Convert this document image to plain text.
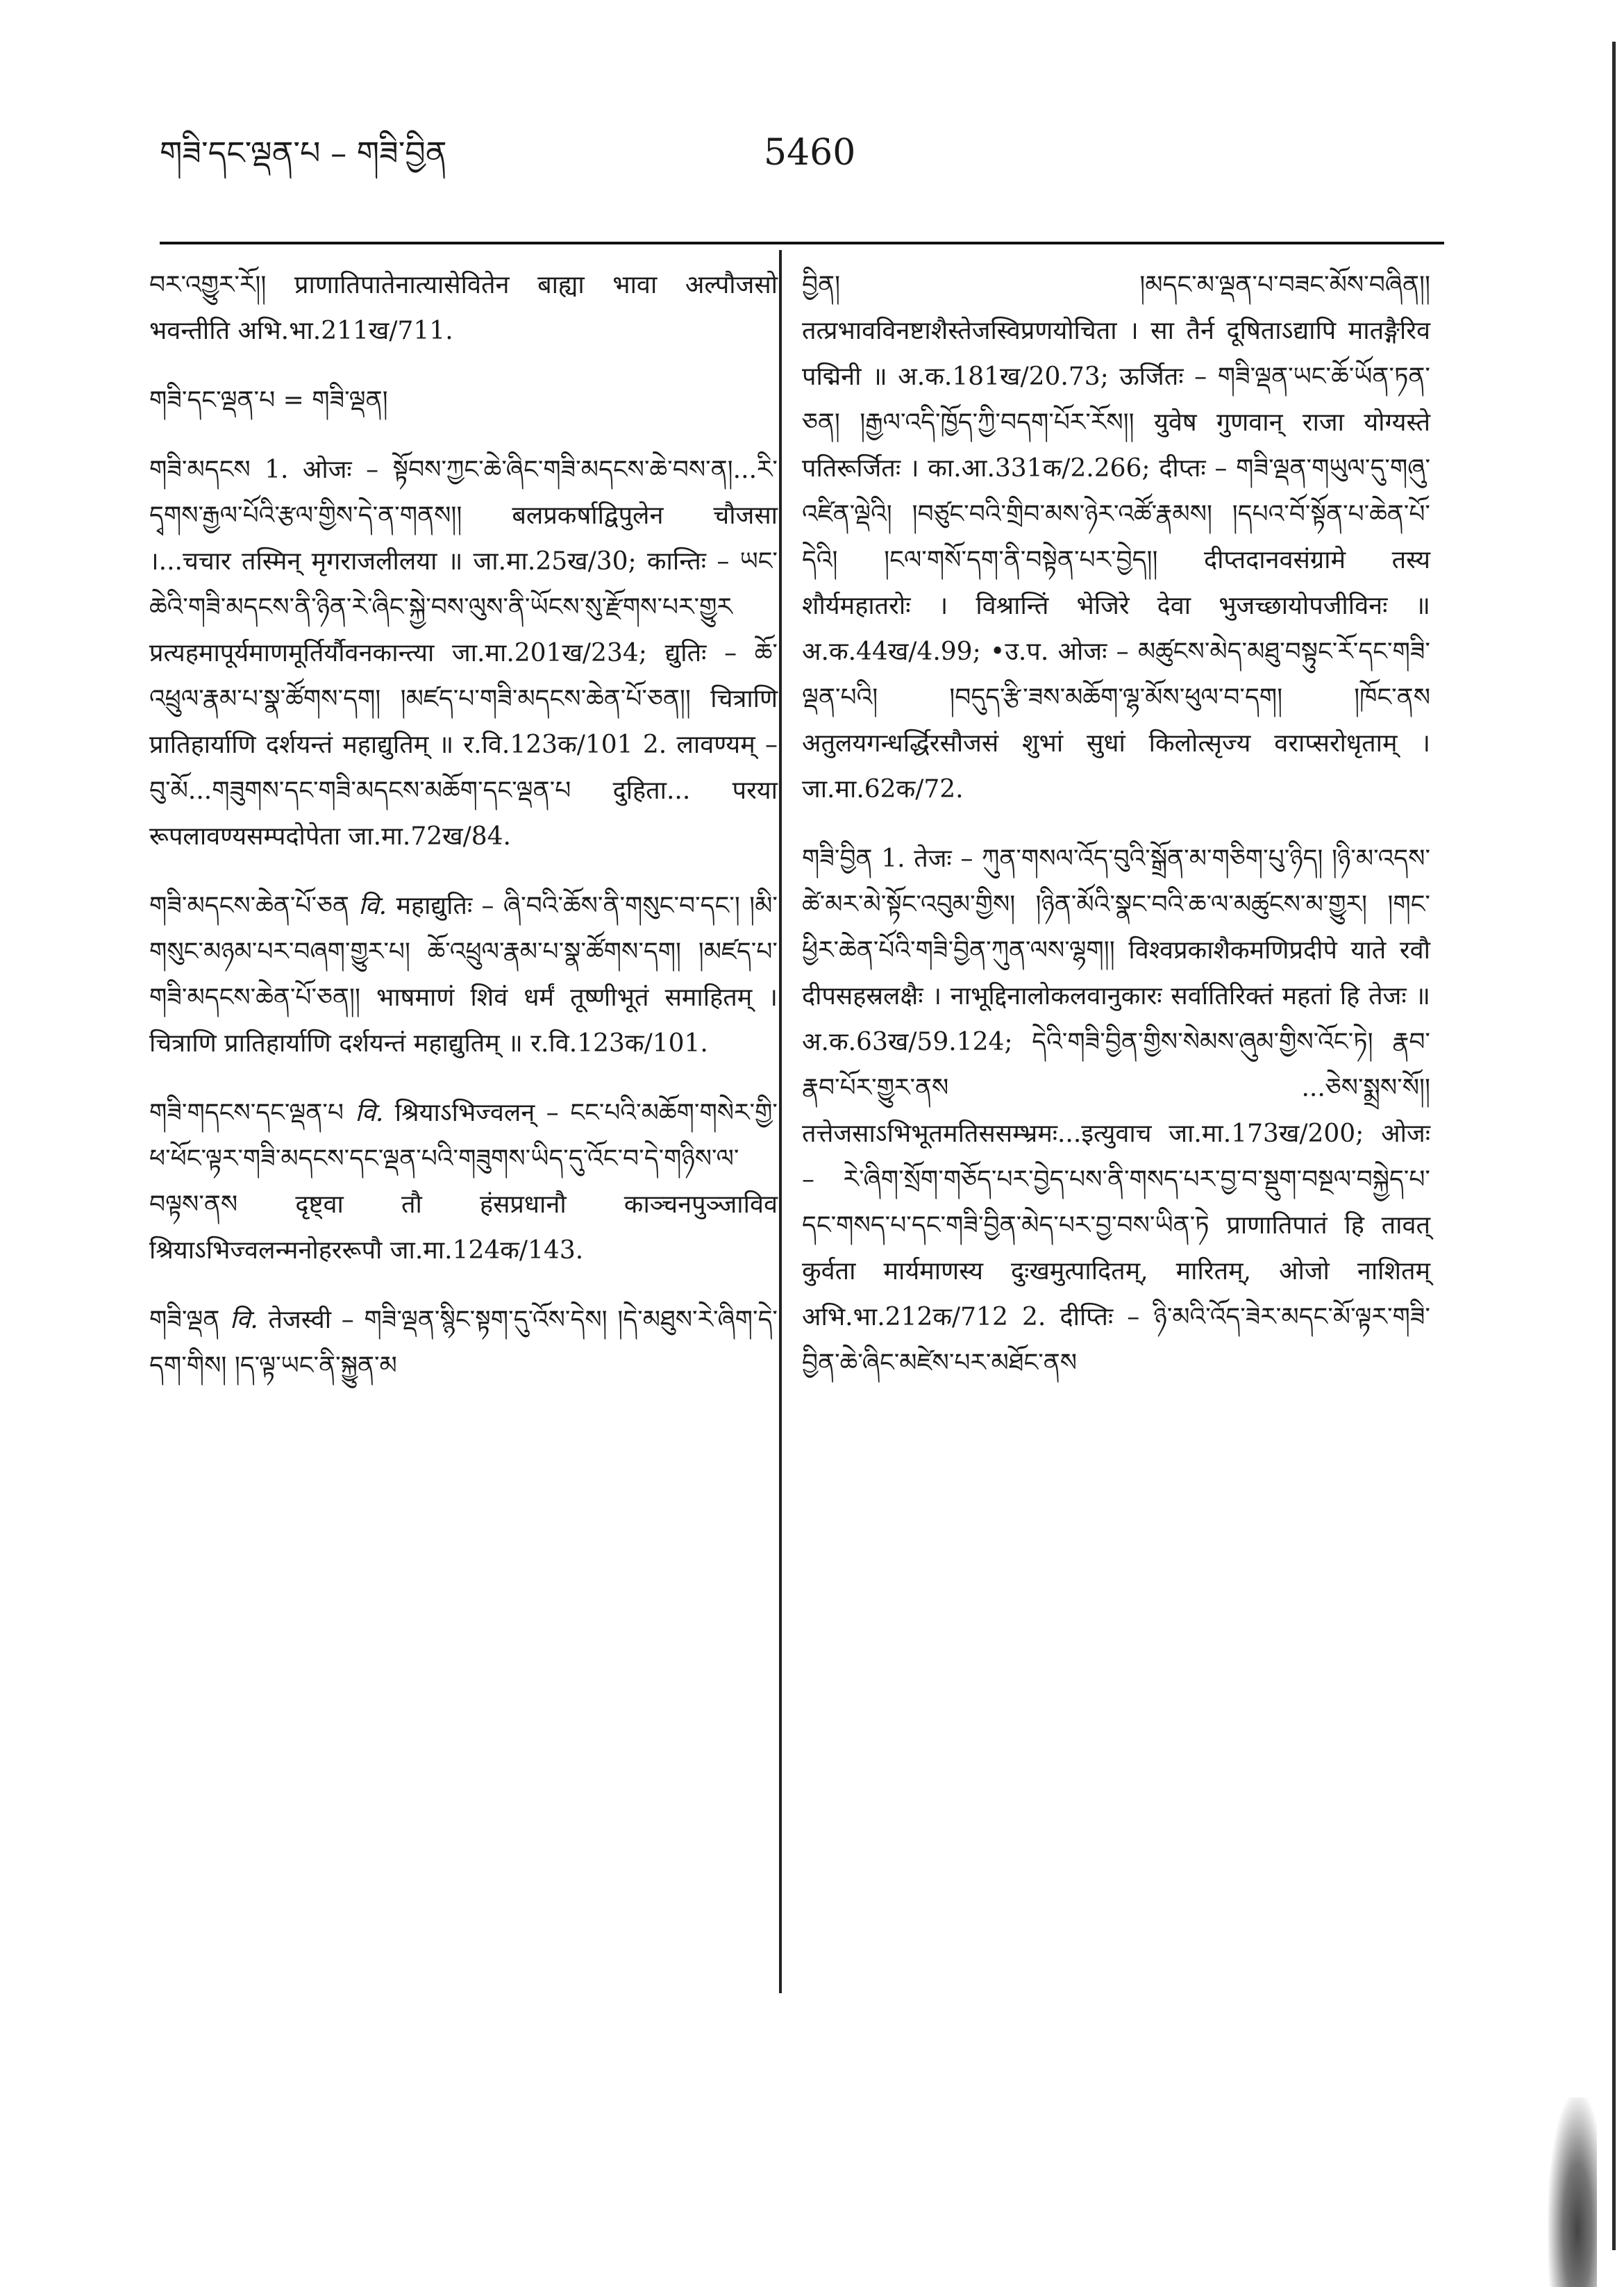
གཟི་དང་ལྡན་པ – གཟི་བྱིན	5460

བར་འགྱུར་རོ།། प्राणातिपातेनात्यासेवितेन बाह्या भावा अल्पौजसो भवन्तीति अभि.भा.211ख/711.

གཟི་དང་ལྡན་པ = གཟི་ལྡན།

གཟི་མདངས 1. ओजः – སྟོབས་ཀྱང་ཆེ་ཞིང་གཟི་མདངས་ཆེ་བས་ན།...རི་དྭགས་རྒྱལ་པོའི་རྩལ་གྱིས་དེ་ན་གནས།། बलप्रकर्षाद्विपुलेन चौजसा ।...चचार तस्मिन् मृगराजलीलया ॥ जा.मा.25ख/30; कान्तिः – ཡང་ཆེའི་གཟི་མདངས་ནི་ཉིན་རེ་ཞིང་སྐྱེ་བས་ལུས་ནི་ཡོངས་སུ་རྫོགས་པར་གྱུར प्रत्यहमापूर्यमाणमूर्तिर्यौवनकान्त्या जा.मा.201ख/234; द्युतिः – ཆོ་འཕྲུལ་རྣམ་པ་སྣ་ཚོགས་དག། །མཛད་པ་གཟི་མདངས་ཆེན་པོ་ཅན།། चित्राणि प्रातिहार्याणि दर्शयन्तं महाद्युतिम् ॥ र.वि.123क/101 2. लावण्यम् – བུ་མོ...གཟུགས་དང་གཟི་མདངས་མཆོག་དང་ལྡན་པ दुहिता... परया रूपलावण्यसम्पदोपेता जा.मा.72ख/84.

གཟི་མདངས་ཆེན་པོ་ཅན वि. महाद्युतिः – ཞི་བའི་ཆོས་ནི་གསུང་བ་དང་། །མི་གསུང་མཉམ་པར་བཞག་གྱུར་པ། ཆོ་འཕྲུལ་རྣམ་པ་སྣ་ཚོགས་དག། །མཛད་པ་གཟི་མདངས་ཆེན་པོ་ཅན།། भाषमाणं शिवं धर्मं तूष्णीभूतं समाहितम् । चित्राणि प्रातिहार्याणि दर्शयन्तं महाद्युतिम् ॥ र.वि.123क/101.

གཟི་གདངས་དང་ལྡན་པ वि. श्रियाऽभिज्वलन् – ངང་པའི་མཆོག་གསེར་གྱི་ཕ་ཕོང་ལྟར་གཟི་མདངས་དང་ལྡན་པའི་གཟུགས་ཡིད་དུ་འོང་བ་དེ་གཉིས་ལ་བལྟས་ནས दृष्ट्वा तौ हंसप्रधानौ काञ्चनपुञ्जाविव श्रियाऽभिज्वलन्मनोहररूपौ जा.मा.124क/143.

གཟི་ལྡན वि. तेजस्वी – གཟི་ལྡན་སྙིང་སྟག་དུ་འོས་དེས། །དེ་མཐུས་རེ་ཞིག་དེ་དག་གིས། །ད་ལྟ་ཡང་ནི་སྐྱུན་མ

བྱིན། །མདང་མ་ལྡན་པ་བཟང་མོས་བཞིན།། तत्प्रभावविनष्टाशैस्तेजस्विप्रणयोचिता । सा तैर्न दूषिताऽद्यापि मातङ्गैरिव पद्मिनी ॥ अ.क.181ख/20.73; ऊर्जितः – གཟི་ལྡན་ཡང་ཆོ་ཡོན་ཏན་ཅན། །རྒྱལ་འདི་ཁྱོད་ཀྱི་བདག་པོར་རོས།། युवेष गुणवान् राजा योग्यस्ते पतिरूर्जितः । का.आ.331क/2.266; दीप्तः – གཟི་ལྡན་གཡུལ་དུ་གཞུ་འཛིན་ལྡེའི། །བཙུང་བའི་གྲིབ་མས་ཉེར་འཚོ་རྣམས། །དཔའ་བོ་སྟོན་པ་ཆེན་པོ་དེའི། །ངལ་གསོ་དག་ནི་བསྟེན་པར་བྱེད།། दीप्तदानवसंग्रामे तस्य शौर्यमहातरोः । विश्रान्तिं भेजिरे देवा भुजच्छायोपजीविनः ॥ अ.क.44ख/4.99; •उ.प. ओजः – མཚུངས་མེད་མཐུ་བསྟུང་རོ་དང་གཟི་ལྡན་པའི། །བདུད་རྩི་ཟས་མཆོག་ལྷ་མོས་ཕུལ་བ་དག། །ཁོང་ནས अतुलयगन्धर्द्धिरसौजसं शुभां सुधां किलोत्सृज्य वराप्सरोधृताम् । जा.मा.62क/72.

གཟི་བྱིན 1. तेजः – ཀུན་གསལ་འོད་བུའི་སྒྲོན་མ་གཅིག་པུ་ཉིད། །ཉི་མ་འདས་ཚེ་མར་མེ་སྟོང་འབུམ་གྱིས། །ཉིན་མོའི་སྣང་བའི་ཆ་ལ་མཚུངས་མ་གྱུར། །གང་ཕྱིར་ཆེན་པོའི་གཟི་བྱིན་ཀུན་ལས་ལྷག།། विश्वप्रकाशैकमणिप्रदीपे याते रवौ दीपसहस्रलक्षैः । नाभूद्दिनालोकलवानुकारः सर्वातिरिक्तं महतां हि तेजः ॥ अ.क.63ख/59.124; དེའི་གཟི་བྱིན་གྱིས་སེམས་ཞུམ་གྱིས་འོང་ཏེ། རྣབ་རྣབ་པོར་གྱུར་ནས ...ཅེས་སྨྲས་སོ།། तत्तेजसाऽभिभूतमतिससम्भ्रमः...इत्युवाच जा.मा.173ख/200; ओजः – རེ་ཞིག་སྲོག་གཅོད་པར་བྱེད་པས་ནི་གསད་པར་བྱ་བ་སྡུག་བསྔལ་བསྐྱེད་པ་དང་གསད་པ་དང་གཟི་བྱིན་མེད་པར་བྱ་བས་ཡིན་ཏེ प्राणातिपातं हि तावत् कुर्वता मार्यमाणस्य दुःखमुत्पादितम्, मारितम्, ओजो नाशितम् अभि.भा.212क/712 2. दीप्तिः – ཉི་མའི་འོད་ཟེར་མདང་མོ་ལྟར་གཟི་བྱིན་ཆེ་ཞིང་མཛེས་པར་མཐོང་ནས
